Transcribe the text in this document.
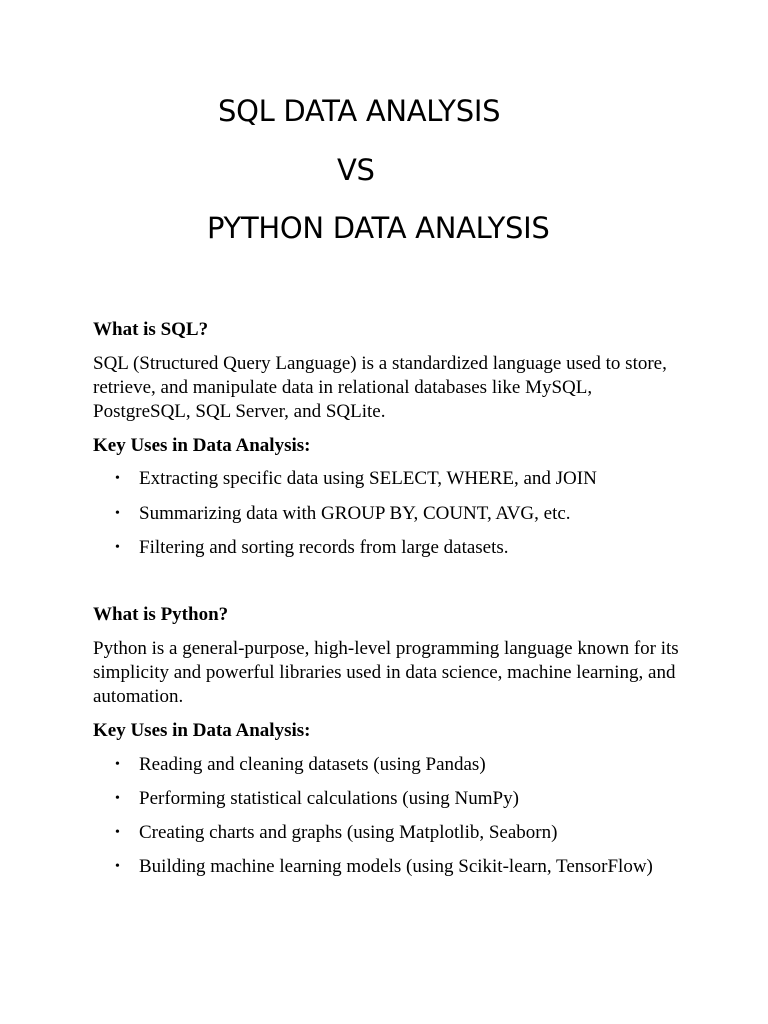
SQL DATA ANALYSIS
VS
PYTHON DATA ANALYSIS
What is SQL?
SQL (Structured Query Language) is a standardized language used to store, retrieve, and manipulate data in relational databases like MySQL, PostgreSQL, SQL Server, and SQLite.
Key Uses in Data Analysis:
• Extracting specific data using SELECT, WHERE, and JOIN
• Summarizing data with GROUP BY, COUNT, AVG, etc.
• Filtering and sorting records from large datasets.
What is Python?
Python is a general-purpose, high-level programming language known for its simplicity and powerful libraries used in data science, machine learning, and automation.
Key Uses in Data Analysis:
• Reading and cleaning datasets (using Pandas)
• Performing statistical calculations (using NumPy)
• Creating charts and graphs (using Matplotlib, Seaborn)
• Building machine learning models (using Scikit-learn, TensorFlow)
